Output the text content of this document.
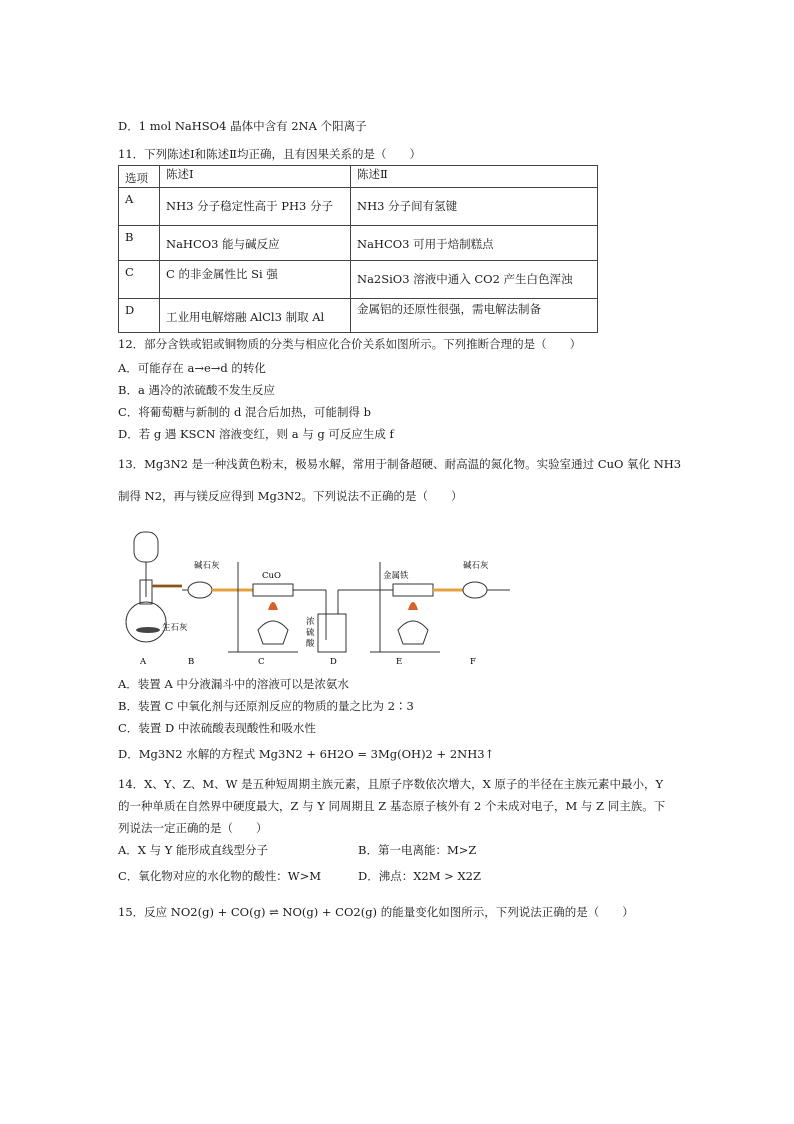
D．1 mol NaHSO4 晶体中含有 2NA 个阳离子
11．下列陈述Ⅰ和陈述Ⅱ均正确，且有因果关系的是（　　）
选项	陈述Ⅰ	陈述Ⅱ
A	NH3 分子稳定性高于 PH3 分子	NH3 分子间有氢键

B	NaHCO3 能与碱反应	NaHCO3 可用于焙制糕点

C	C 的非金属性比 Si 强	Na2SiO3 溶液中通入 CO2 产生白色浑浊

D	工业用电解熔融 AlCl3 制取 Al	金属铝的还原性很强，需电解法制备
12．部分含铁或铝或铜物质的分类与相应化合价关系如图所示。下列推断合理的是（　　）
A．可能存在 a→e→d 的转化
B．a 遇冷的浓硫酸不发生反应
C．将葡萄糖与新制的 d 混合后加热，可能制得 b
D．若 g 遇 KSCN 溶液变红，则 a 与 g 可反应生成 f
13．Mg3N2 是一种浅黄色粉末，极易水解，常用于制备超硬、耐高温的氮化物。实验室通过 CuO 氧化 NH3
制得 N2，再与镁反应得到 Mg3N2。下列说法不正确的是（　　）
碱石灰
CuO	金属铁
碱石灰
生石灰
浓
硫
酸
A	B	C	D	E	F
A．装置 A 中分液漏斗中的溶液可以是浓氨水
B．装置 C 中氧化剂与还原剂反应的物质的量之比为 2∶3
C．装置 D 中浓硫酸表现酸性和吸水性
D．Mg3N2 水解的方程式 Mg3N2 + 6H2O = 3Mg(OH)2 + 2NH3↑
14．X、Y、Z、M、W 是五种短周期主族元素，且原子序数依次增大，X 原子的半径在主族元素中最小，Y
的一种单质在自然界中硬度最大，Z 与 Y 同周期且 Z 基态原子核外有 2 个未成对电子，M 与 Z 同主族。下
列说法一定正确的是（　　）
A．X 与 Y 能形成直线型分子	B．第一电离能：M>Z
C．氧化物对应的水化物的酸性：W>M	D．沸点：X2M > X2Z
15．反应 NO2(g) + CO(g) ⇌ NO(g) + CO2(g) 的能量变化如图所示，下列说法正确的是（　　）
